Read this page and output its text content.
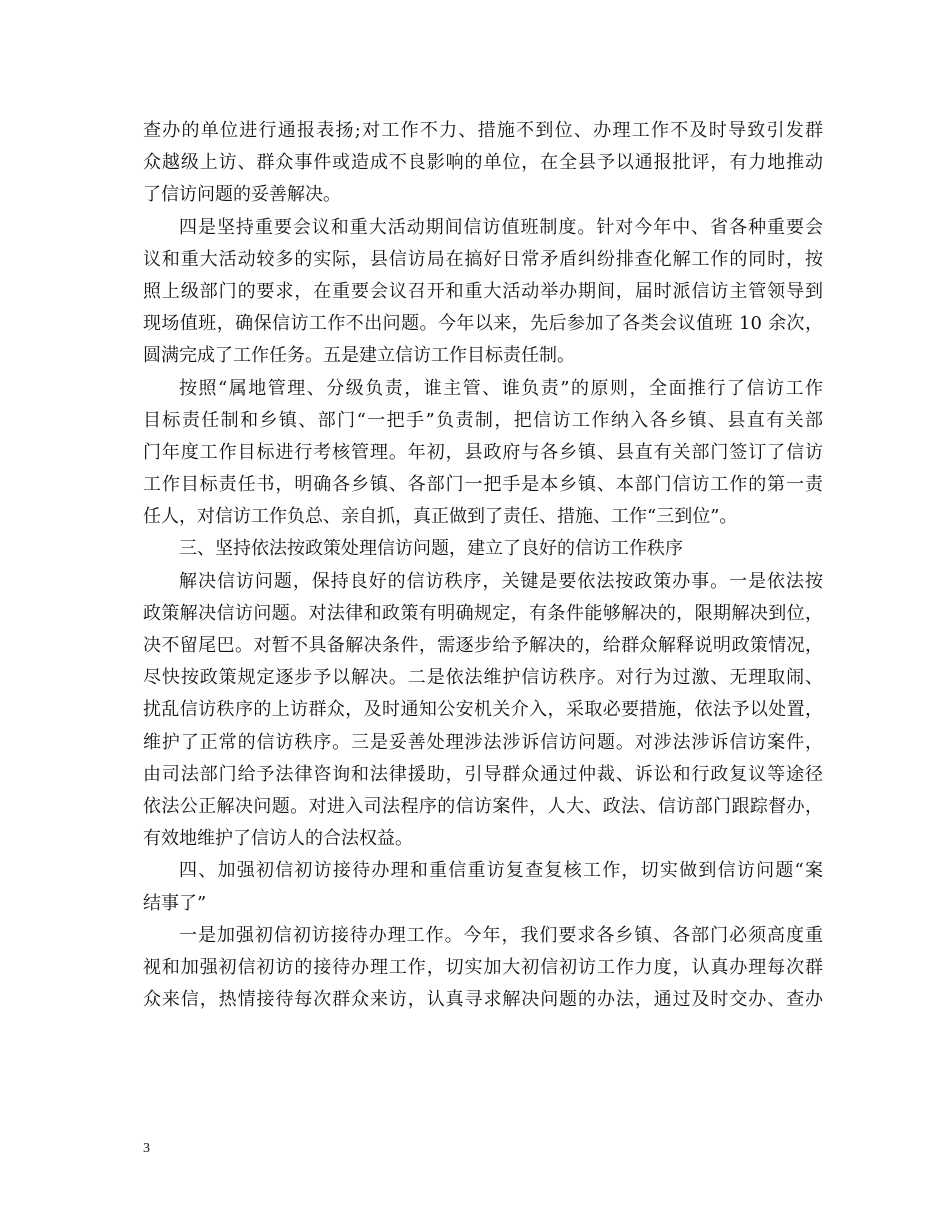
查办的单位进行通报表扬;对工作不力、措施不到位、办理工作不及时导致引发群
众越级上访、群众事件或造成不良影响的单位，在全县予以通报批评，有力地推动
了信访问题的妥善解决。
四是坚持重要会议和重大活动期间信访值班制度。针对今年中、省各种重要会
议和重大活动较多的实际，县信访局在搞好日常矛盾纠纷排查化解工作的同时，按
照上级部门的要求，在重要会议召开和重大活动举办期间，届时派信访主管领导到
现场值班，确保信访工作不出问题。今年以来，先后参加了各类会议值班 10 余次，
圆满完成了工作任务。五是建立信访工作目标责任制。
按照“属地管理、分级负责，谁主管、谁负责”的原则，全面推行了信访工作
目标责任制和乡镇、部门“一把手”负责制，把信访工作纳入各乡镇、县直有关部
门年度工作目标进行考核管理。年初，县政府与各乡镇、县直有关部门签订了信访
工作目标责任书，明确各乡镇、各部门一把手是本乡镇、本部门信访工作的第一责
任人，对信访工作负总、亲自抓，真正做到了责任、措施、工作“三到位”。
三、坚持依法按政策处理信访问题，建立了良好的信访工作秩序
解决信访问题，保持良好的信访秩序，关键是要依法按政策办事。一是依法按
政策解决信访问题。对法律和政策有明确规定，有条件能够解决的，限期解决到位，
决不留尾巴。对暂不具备解决条件，需逐步给予解决的，给群众解释说明政策情况，
尽快按政策规定逐步予以解决。二是依法维护信访秩序。对行为过激、无理取闹、
扰乱信访秩序的上访群众，及时通知公安机关介入，采取必要措施，依法予以处置，
维护了正常的信访秩序。三是妥善处理涉法涉诉信访问题。对涉法涉诉信访案件，
由司法部门给予法律咨询和法律援助，引导群众通过仲裁、诉讼和行政复议等途径
依法公正解决问题。对进入司法程序的信访案件，人大、政法、信访部门跟踪督办，
有效地维护了信访人的合法权益。
四、加强初信初访接待办理和重信重访复查复核工作，切实做到信访问题“案
结事了”
一是加强初信初访接待办理工作。今年，我们要求各乡镇、各部门必须高度重
视和加强初信初访的接待办理工作，切实加大初信初访工作力度，认真办理每次群
众来信，热情接待每次群众来访，认真寻求解决问题的办法，通过及时交办、查办
3
